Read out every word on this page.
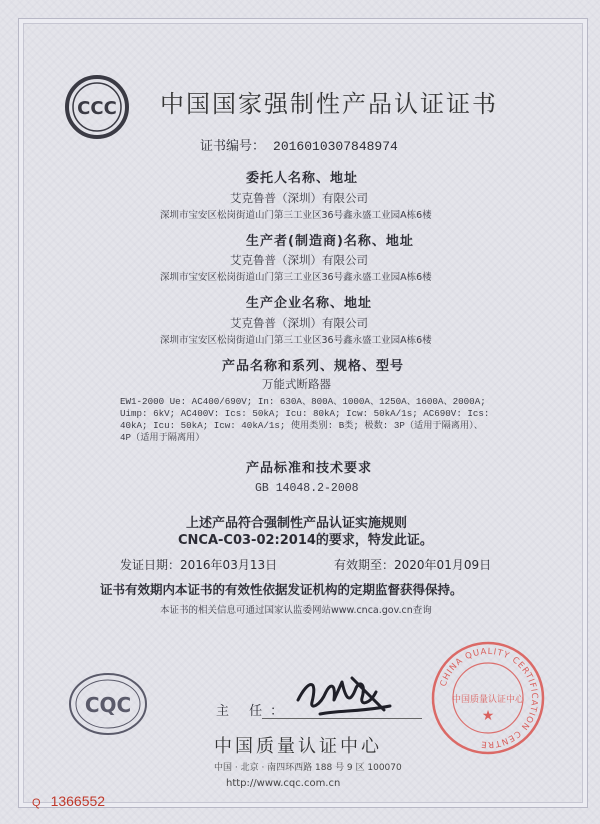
CCC 中国国家强制性产品认证证书
证书编号： 2016010307848974
委托人名称、地址
艾克鲁普（深圳）有限公司
深圳市宝安区松岗街道山门第三工业区36号鑫永盛工业园A栋6楼
生产者(制造商)名称、地址
艾克鲁普（深圳）有限公司
深圳市宝安区松岗街道山门第三工业区36号鑫永盛工业园A栋6楼
生产企业名称、地址
艾克鲁普（深圳）有限公司
深圳市宝安区松岗街道山门第三工业区36号鑫永盛工业园A栋6楼
产品名称和系列、规格、型号
万能式断路器
EW1-2000 Ue: AC400/690V; In: 630A、800A、1000A、1250A、1600A、2000A; Uimp: 6kV; AC400V: Ics: 50kA; Icu: 80kA; Icw: 50kA/1s; AC690V: Ics: 40kA; Icu: 50kA; Icw: 40kA/1s; 使用类别: B类; 极数: 3P（适用于隔离用）、4P（适用于隔离用）
产品标准和技术要求
GB 14048.2-2008
上述产品符合强制性产品认证实施规则
CNCA-C03-02:2014的要求，特发此证。
发证日期：2016年03月13日	有效期至：2020年01月09日
证书有效期内本证书的有效性依据发证机构的定期监督获得保持。
本证书的相关信息可通过国家认监委网站www.cnca.gov.cn查询
CQC	主 任：
CHINA QUALITY CERTIFICATION CENTRE
中国质量认证中心
★
中国质量认证中心
中国 · 北京 · 南四环西路 188 号 9 区 100070
http://www.cqc.com.cn
Q 1366552
